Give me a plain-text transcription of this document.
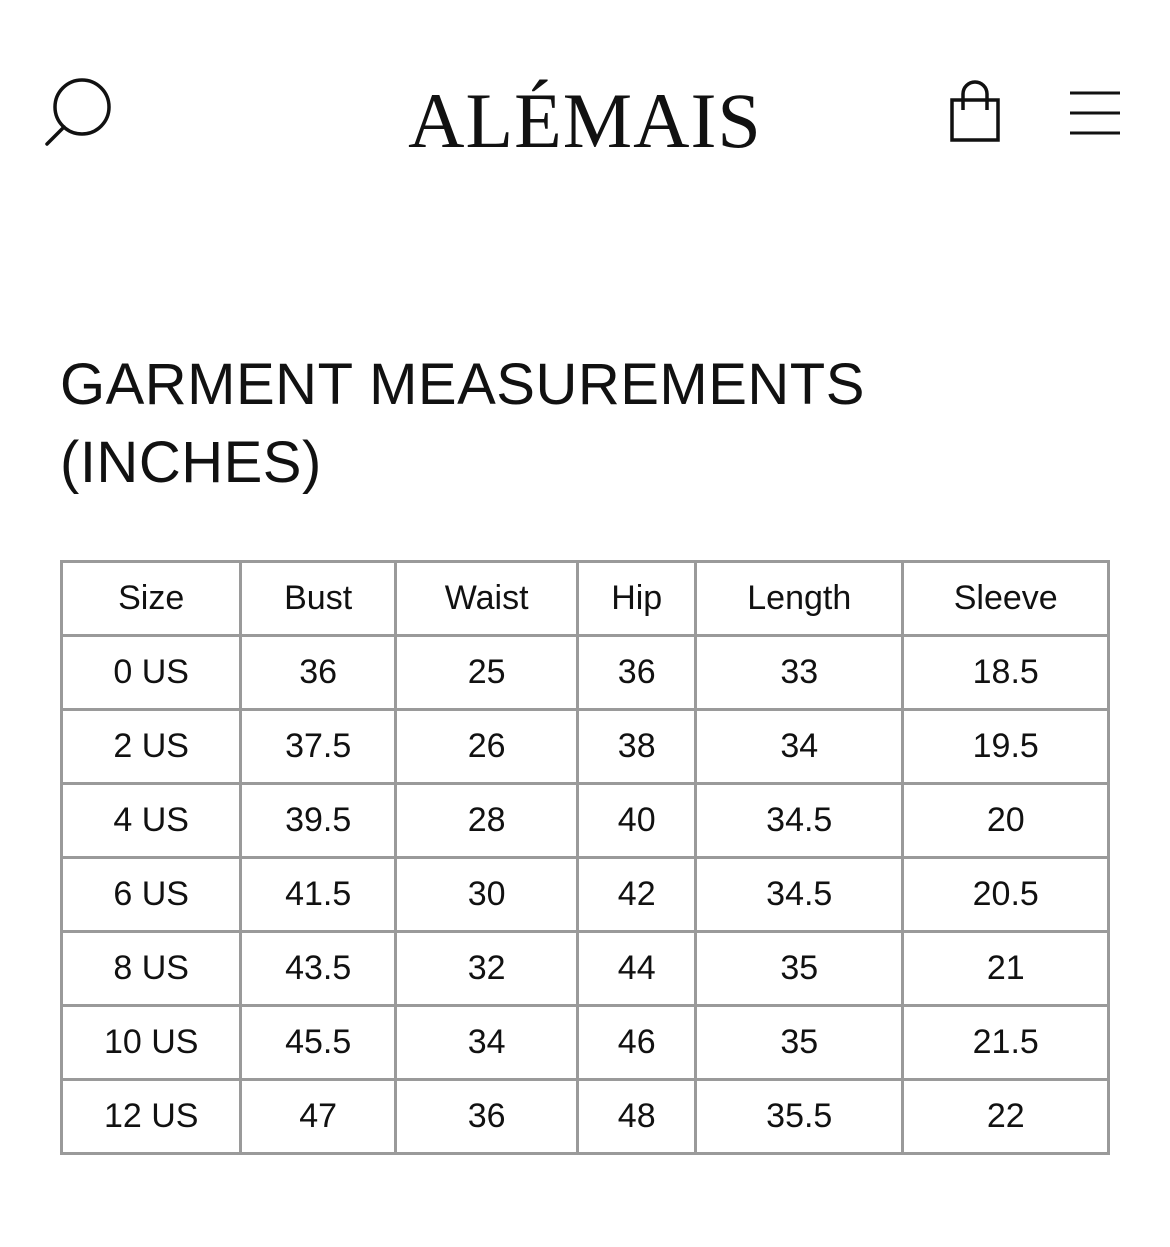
ALÉMAIS
GARMENT MEASUREMENTS (INCHES)
Size	Bust	Waist	Hip	Length	Sleeve
0 US	36	25	36	33	18.5
2 US	37.5	26	38	34	19.5
4 US	39.5	28	40	34.5	20
6 US	41.5	30	42	34.5	20.5
8 US	43.5	32	44	35	21
10 US	45.5	34	46	35	21.5
12 US	47	36	48	35.5	22
